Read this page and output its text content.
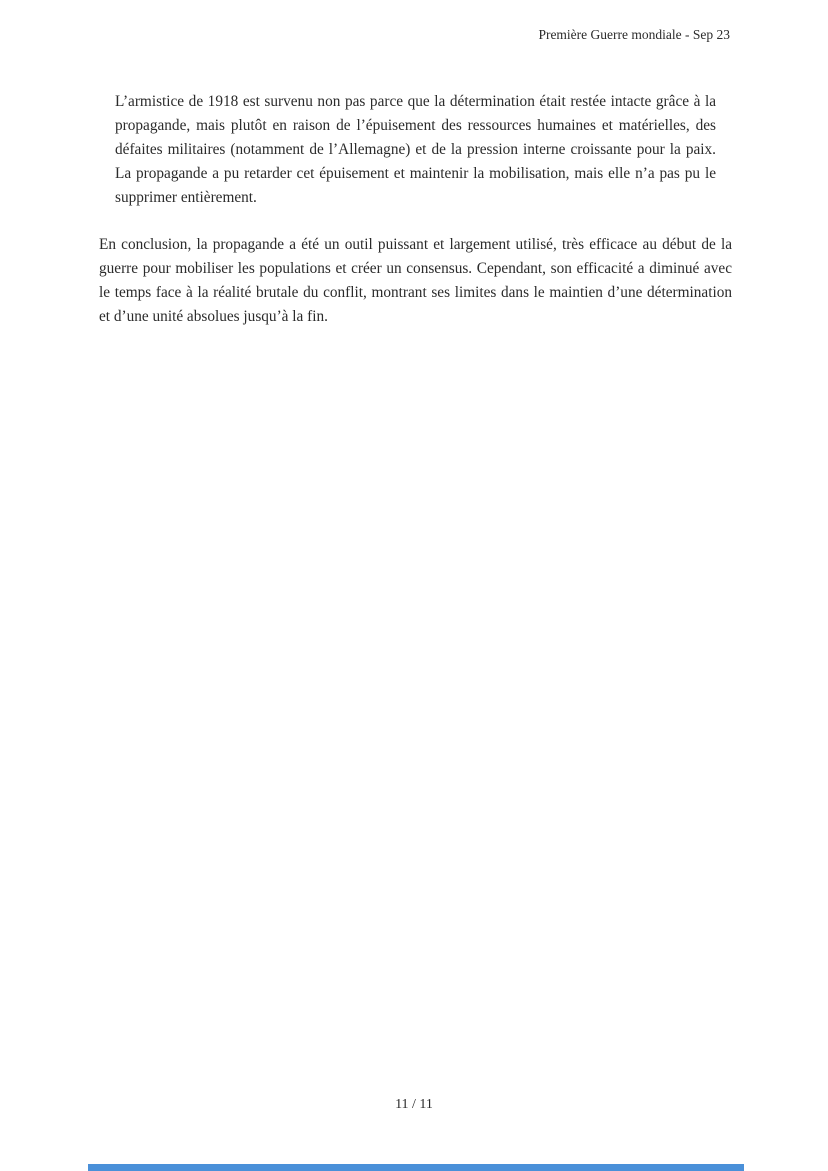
Première Guerre mondiale - Sep 23
L’armistice de 1918 est survenu non pas parce que la détermination était restée intacte grâce à la propagande, mais plutôt en raison de l’épuisement des ressources humaines et matérielles, des défaites militaires (notamment de l’Allemagne) et de la pression interne croissante pour la paix. La propagande a pu retarder cet épuisement et maintenir la mobilisation, mais elle n’a pas pu le supprimer entièrement.
En conclusion, la propagande a été un outil puissant et largement utilisé, très efficace au début de la guerre pour mobiliser les populations et créer un consensus. Cependant, son efficacité a diminué avec le temps face à la réalité brutale du conflit, montrant ses limites dans le maintien d’une détermination et d’une unité absolues jusqu’à la fin.
11 / 11
